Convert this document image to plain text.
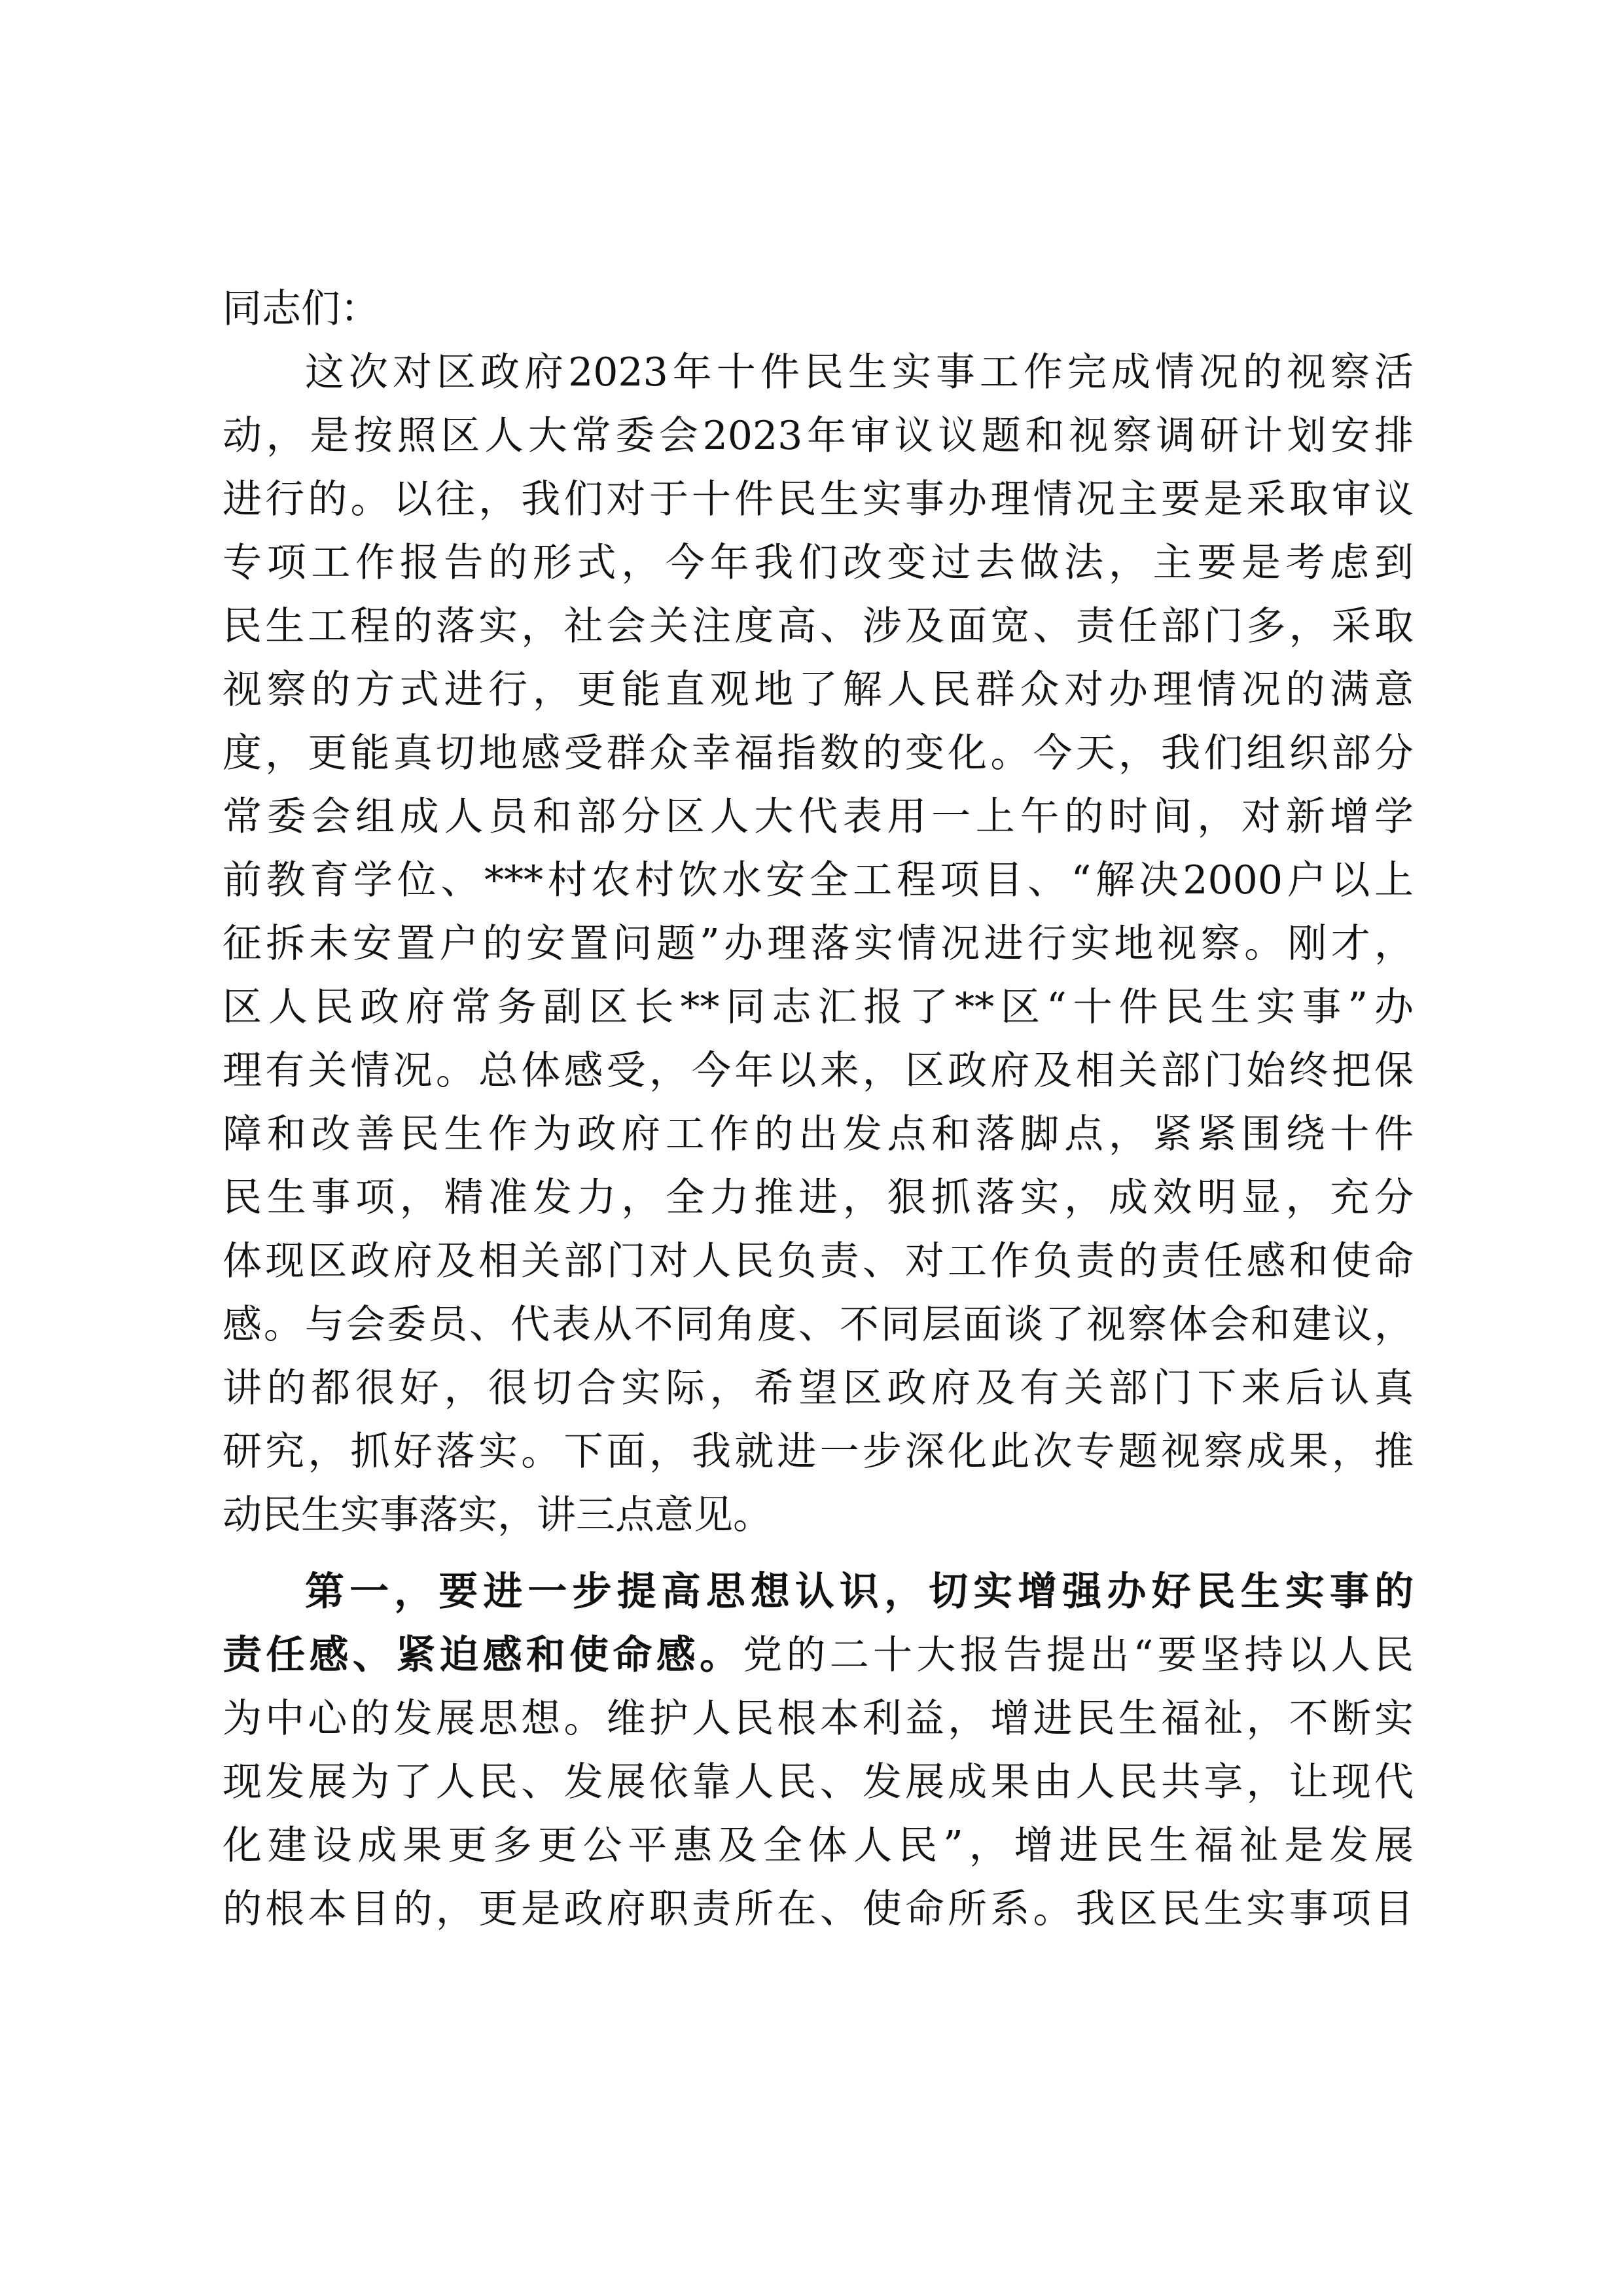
同志们：
这次对区政府2023年十件民生实事工作完成情况的视察活
动，是按照区人大常委会2023年审议议题和视察调研计划安排
进行的。以往，我们对于十件民生实事办理情况主要是采取审议
专项工作报告的形式，今年我们改变过去做法，主要是考虑到
民生工程的落实，社会关注度高、涉及面宽、责任部门多，采取
视察的方式进行，更能直观地了解人民群众对办理情况的满意
度，更能真切地感受群众幸福指数的变化。今天，我们组织部分
常委会组成人员和部分区人大代表用一上午的时间，对新增学
前教育学位、***村农村饮水安全工程项目、“解决2000户以上
征拆未安置户的安置问题”办理落实情况进行实地视察。刚才，
区人民政府常务副区长**同志汇报了**区“十件民生实事”办
理有关情况。总体感受，今年以来，区政府及相关部门始终把保
障和改善民生作为政府工作的出发点和落脚点，紧紧围绕十件
民生事项，精准发力，全力推进，狠抓落实，成效明显，充分
体现区政府及相关部门对人民负责、对工作负责的责任感和使命
感。与会委员、代表从不同角度、不同层面谈了视察体会和建议，
讲的都很好，很切合实际，希望区政府及有关部门下来后认真
研究，抓好落实。下面，我就进一步深化此次专题视察成果，推
动民生实事落实，讲三点意见。
第一，要进一步提高思想认识，切实增强办好民生实事的
责任感、紧迫感和使命感。党的二十大报告提出“要坚持以人民
为中心的发展思想。维护人民根本利益，增进民生福祉，不断实
现发展为了人民、发展依靠人民、发展成果由人民共享，让现代
化建设成果更多更公平惠及全体人民”，增进民生福祉是发展
的根本目的，更是政府职责所在、使命所系。我区民生实事项目
